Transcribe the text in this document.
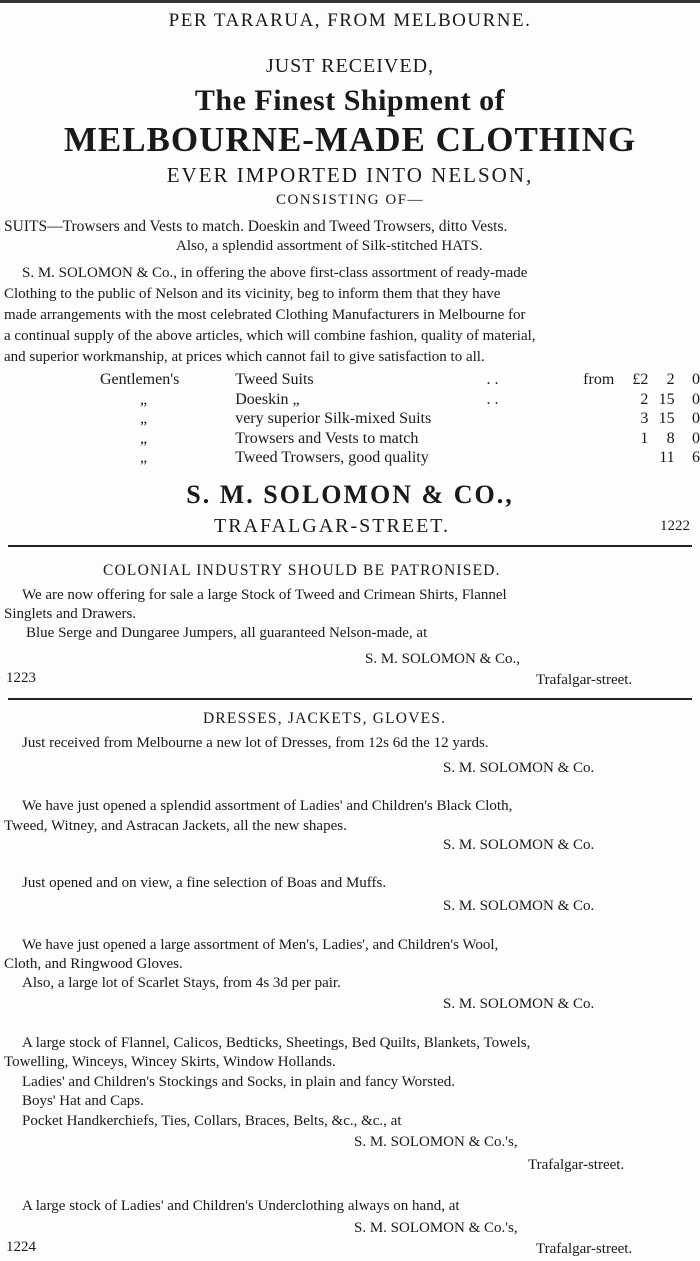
PER TARARUA, FROM MELBOURNE.
JUST RECEIVED,
The Finest Shipment of
MELBOURNE-MADE CLOTHING
EVER IMPORTED INTO NELSON,
CONSISTING OF—
SUITS—Trowsers and Vests to match. Doeskin and Tweed Trowsers, ditto Vests.
Also, a splendid assortment of Silk-stitched HATS.
S. M. SOLOMON & Co., in offering the above first-class assortment of ready-made
Clothing to the public of Nelson and its vicinity, beg to inform them that they have
made arrangements with the most celebrated Clothing Manufacturers in Melbourne for
a continual supply of the above articles, which will combine fashion, quality of material,
and superior workmanship, at prices which cannot fail to give satisfaction to all.
Gentlemen's	Tweed Suits	. .	from	£2	2	0
„	Doeskin „	. .		2	15	0
„	very superior Silk-mixed Suits			3	15	0
„	Trowsers and Vests to match			1	8	0
„	Tweed Trowsers, good quality				11	6
S. M. SOLOMON & CO.,
TRAFALGAR-STREET.	1222
COLONIAL INDUSTRY SHOULD BE PATRONISED.
We are now offering for sale a large Stock of Tweed and Crimean Shirts, Flannel
Singlets and Drawers.
Blue Serge and Dungaree Jumpers, all guaranteed Nelson-made, at
S. M. SOLOMON & Co.,
1223	Trafalgar-street.
DRESSES, JACKETS, GLOVES.
Just received from Melbourne a new lot of Dresses, from 12s 6d the 12 yards.
S. M. SOLOMON & Co.
We have just opened a splendid assortment of Ladies' and Children's Black Cloth,
Tweed, Witney, and Astracan Jackets, all the new shapes.
S. M. SOLOMON & Co.
Just opened and on view, a fine selection of Boas and Muffs.
S. M. SOLOMON & Co.
We have just opened a large assortment of Men's, Ladies', and Children's Wool,
Cloth, and Ringwood Gloves.
Also, a large lot of Scarlet Stays, from 4s 3d per pair.
S. M. SOLOMON & Co.
A large stock of Flannel, Calicos, Bedticks, Sheetings, Bed Quilts, Blankets, Towels,
Towelling, Winceys, Wincey Skirts, Window Hollands.
Ladies' and Children's Stockings and Socks, in plain and fancy Worsted.
Boys' Hat and Caps.
Pocket Handkerchiefs, Ties, Collars, Braces, Belts, &c., &c., at
S. M. SOLOMON & Co.'s,
Trafalgar-street.
A large stock of Ladies' and Children's Underclothing always on hand, at
S. M. SOLOMON & Co.'s,
1224	Trafalgar-street.
